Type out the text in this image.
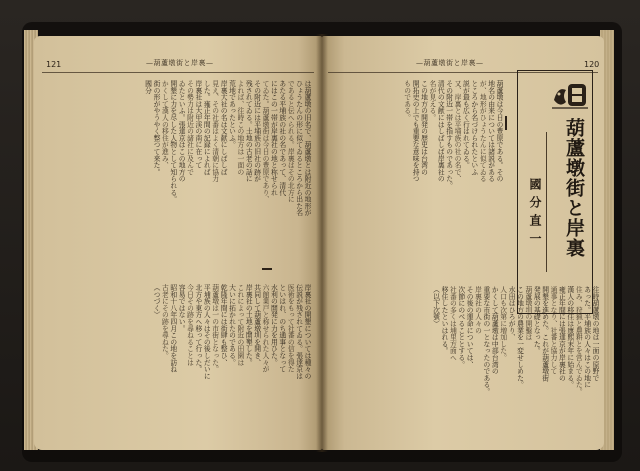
121	—葫蘆墩街と岸裏—
は葫蘆墩の旧名で、葫蘆墩とは附近の地形が
ひょうたんの形に似てゐるところから出た名
であると伝へられる。岸裏はその北方に
あたる平埔族の社の名であって、清代
にはこの一帯が岸裏社の地と称せられ
てゐた。葫蘆墩街は今日の豊原であり、
その附近には平埔族の旧社の跡が
残されてゐる。土地の古老の話に
よれば、往時この地方は一面の
荒地であったといふ。
岸裏大社の名は文献にしばしば
見え、その社番はよく清朝に協力
した。雍正年間の記録によれば
岸裏社は大甲渓の南に在って
その勢力は附近の諸社に及んで
ゐたといふ。張達京はこの地方の
開墾に力を尽した人物として知られる。
かくして漢人の移住が進み、
街の形がやうやく整つて来た。
國分
岸裏社の開墾については種々の
伝説が残されてゐる。張達京は
医術をもって社番の信を得た
といはれ、のち通事となって
水利の開発に力を用ひた。
六館業戸と称せられた人々が
共同して葫蘆墩圳を開き、
岸裏社の土地を開墾した。
これによって附近の田園は
大いに拓かれたのである。
乾隆年間には街肆も整ひ、
葫蘆墩は一の市街となった。
平埔族の人々はその後しだいに
北方や東方へ移って行った。
今日その跡を尋ねることは
容易ではない。
昭和十八年四月この地を訪ね
古老にその跡を尋ねた。
（つづく）
120
—葫蘆墩街と岸裏—
葫蘆墩は今日の豊原である。その
地名の由来については諸説がある
が、地形がひょうたんに似てゐる
ところから名づけられたといふ
説が最も広く行はれてゐる。
又、岸裏とは平埔族の社の名で、
その附近一帯を指すものであった。
清代の文献にはしばしば岸裏社の
名が見える。
この地方の開発の歴史は台湾の
開拓史の上でも重要な意味を持つ
ものである。
葫蘆墩街と岸裏
國分直一
往時葫蘆墩の地は一面の原野で
あった。平埔族の人々はこの地に
住み、狩猟と農耕とを営んでゐた。
漢人の移住は康熙末年に始まる。
雍正年間には張達京が岸裏社の
通事となり、社番と協力して
開墾を進めた。これが葫蘆墩街
発展の基礎となった。
葫蘆墩圳の開鑿は
この地方の農業を一変せしめた。
水田はひろがり、
人口も次第に増加した。
かくして葫蘆墩は中部台湾の
重要な市街の一となったのである。
岸裏社の人々の
その後の運命については、
次節にのべることとする。
社番の多くは埔里方面へ
移住したといはれる。
（以下次號）
